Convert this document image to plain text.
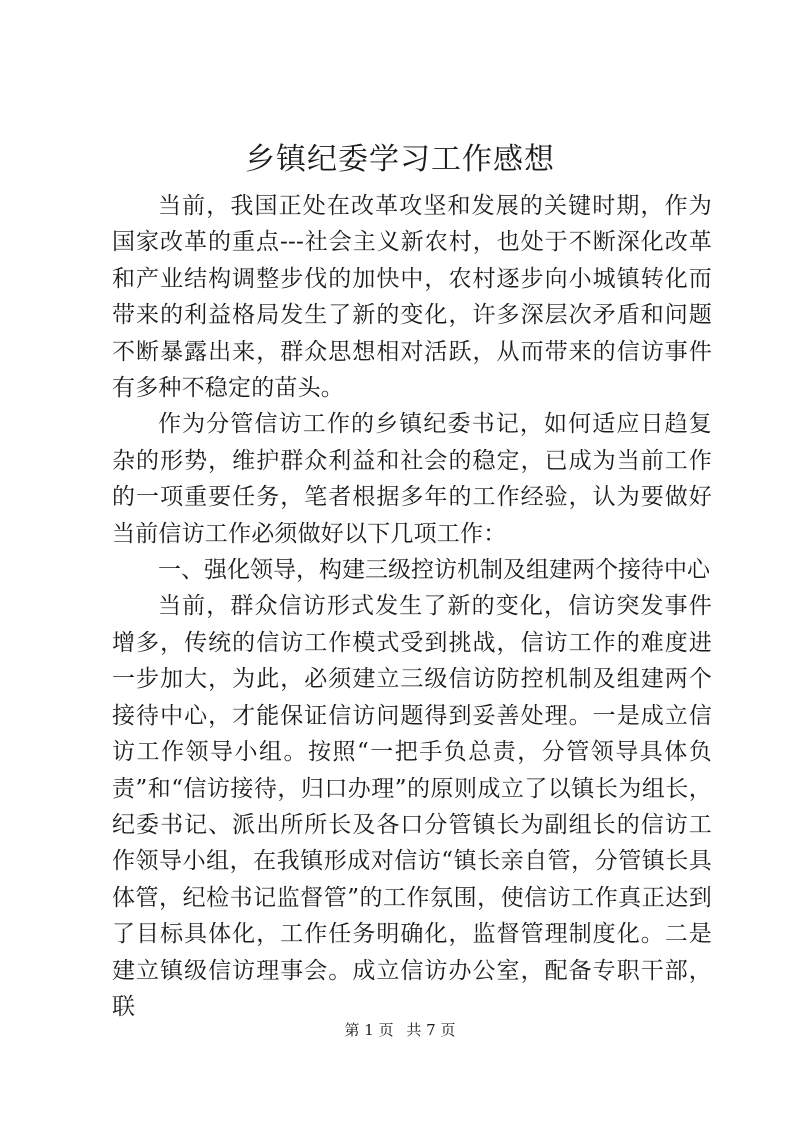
乡镇纪委学习工作感想

当前，我国正处在改革攻坚和发展的关键时期，作为国家改革的重点---社会主义新农村，也处于不断深化改革和产业结构调整步伐的加快中，农村逐步向小城镇转化而带来的利益格局发生了新的变化，许多深层次矛盾和问题不断暴露出来，群众思想相对活跃，从而带来的信访事件有多种不稳定的苗头。

作为分管信访工作的乡镇纪委书记，如何适应日趋复杂的形势，维护群众利益和社会的稳定，已成为当前工作的一项重要任务，笔者根据多年的工作经验，认为要做好当前信访工作必须做好以下几项工作：

一、强化领导，构建三级控访机制及组建两个接待中心

当前，群众信访形式发生了新的变化，信访突发事件增多，传统的信访工作模式受到挑战，信访工作的难度进一步加大，为此，必须建立三级信访防控机制及组建两个接待中心，才能保证信访问题得到妥善处理。一是成立信访工作领导小组。按照“一把手负总责，分管领导具体负责”和“信访接待，归口办理”的原则成立了以镇长为组长，纪委书记、派出所所长及各口分管镇长为副组长的信访工作领导小组，在我镇形成对信访“镇长亲自管，分管镇长具体管，纪检书记监督管”的工作氛围，使信访工作真正达到了目标具体化，工作任务明确化，监督管理制度化。二是建立镇级信访理事会。成立信访办公室，配备专职干部，联

第 1 页 共 7 页
